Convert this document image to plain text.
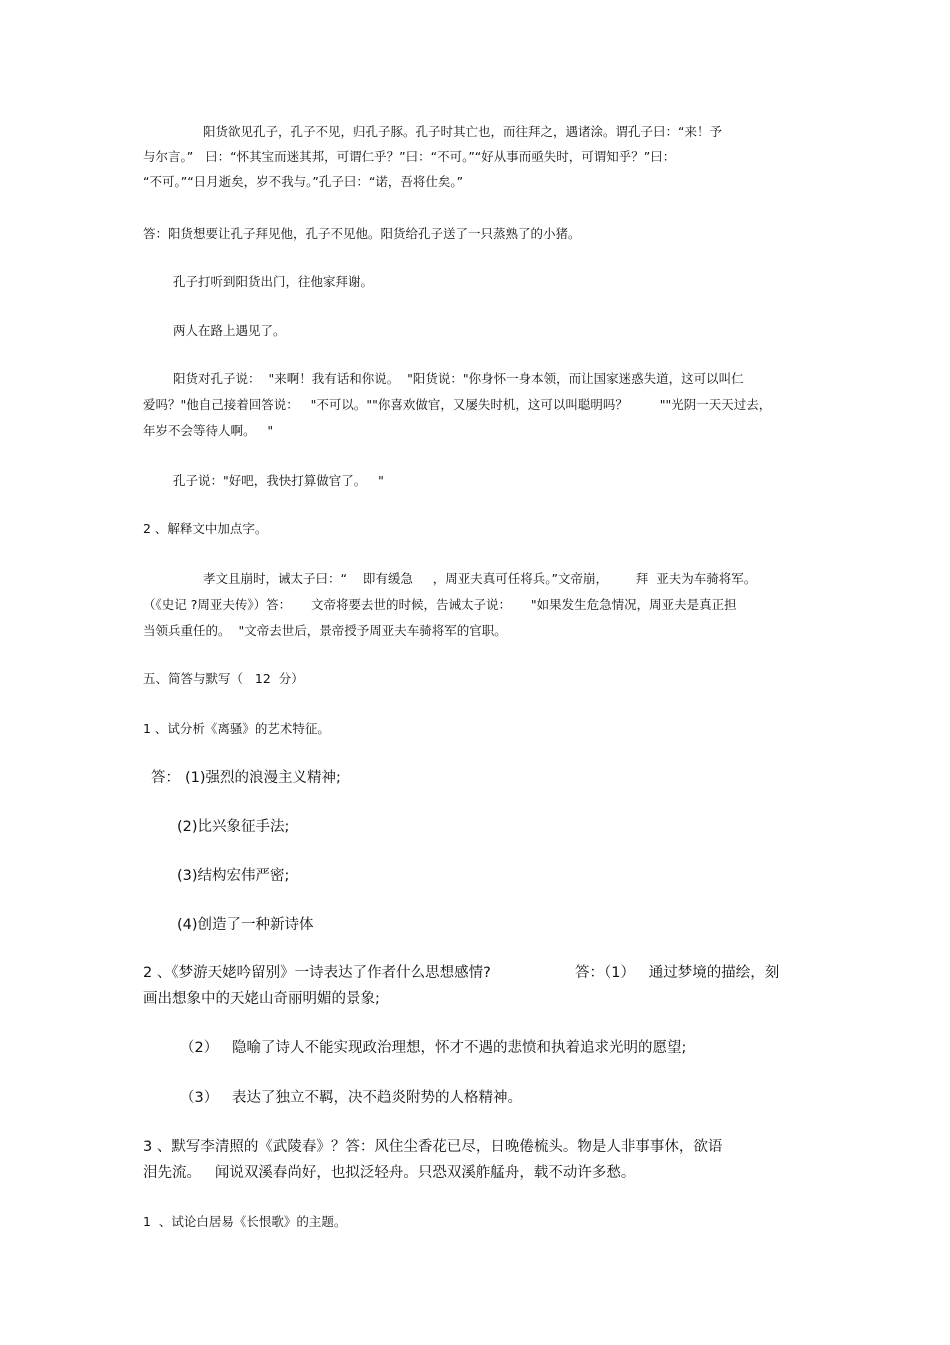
阳货欲见孔子，孔子不见，归孔子豚。孔子时其亡也，而往拜之，遇诸涂。谓孔子曰：“来！予
与尔言。”   曰：“怀其宝而迷其邦，可谓仁乎？”曰：“不可。”“好从事而亟失时，可谓知乎？”曰：
“不可。”“日月逝矣，岁不我与。”孔子曰：“诺，吾将仕矣。”
答：阳货想要让孔子拜见他，孔子不见他。阳货给孔子送了一只蒸熟了的小猪。
孔子打听到阳货出门，往他家拜谢。
两人在路上遇见了。
阳货对孔子说：  "来啊！我有话和你说。  "阳货说："你身怀一身本领，而让国家迷惑失道，这可以叫仁
爱吗？"他自己接着回答说：   "不可以。""你喜欢做官，又屡失时机，这可以叫聪明吗？        ""光阴一天天过去，
年岁不会等待人啊。   "
孔子说："好吧，我快打算做官了。   "
2 、解释文中加点字。
孝文且崩时，诫太子曰：“    即有缓急     ，周亚夫真可任将兵。”文帝崩，       拜  亚夫为车骑将军。
（《史记 ?周亚夫传》）答：     文帝将要去世的时候，告诫太子说：     "如果发生危急情况，周亚夫是真正担
当领兵重任的。  "文帝去世后，景帝授予周亚夫车骑将军的官职。
五、简答与默写（   12  分）
1 、试分析《离骚》的艺术特征。
答： (1)强烈的浪漫主义精神;
(2)比兴象征手法;
(3)结构宏伟严密;
(4)创造了一种新诗体
2 、《梦游天姥吟留别》一诗表达了作者什么思想感情?	答：（1）   通过梦境的描绘，刻
画出想象中的天姥山奇丽明媚的景象;
（2）   隐喻了诗人不能实现政治理想，怀才不遇的悲愤和执着追求光明的愿望;
（3）   表达了独立不羁，决不趋炎附势的人格精神。
3 、默写李清照的《武陵春》？答：风住尘香花已尽，日晚倦梳头。物是人非事事休，欲语
泪先流。   闻说双溪春尚好，也拟泛轻舟。只恐双溪舴艋舟，载不动许多愁。
1  、试论白居易《长恨歌》的主题。
